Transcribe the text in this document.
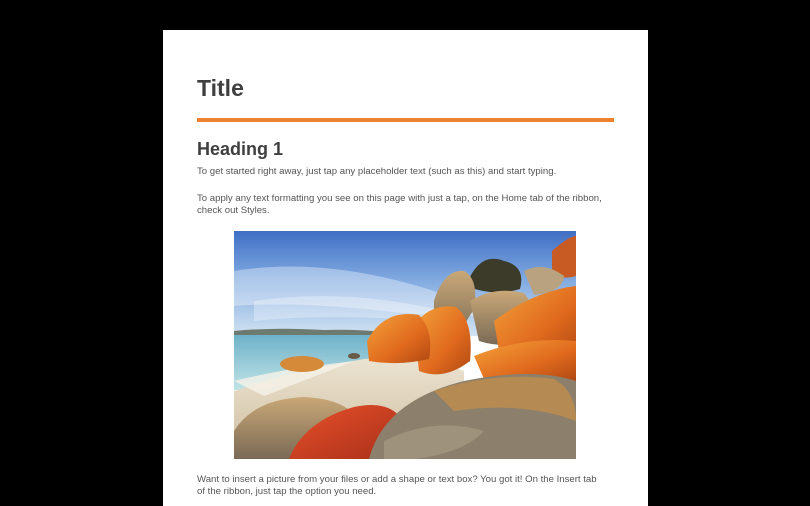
Title
Heading 1

To get started right away, just tap any placeholder text (such as this) and start typing.

To apply any text formatting you see on this page with just a tap, on the Home tab of the ribbon, check out Styles.

Want to insert a picture from your files or add a shape or text box? You got it! On the Insert tab of the ribbon, just tap the option you need.
